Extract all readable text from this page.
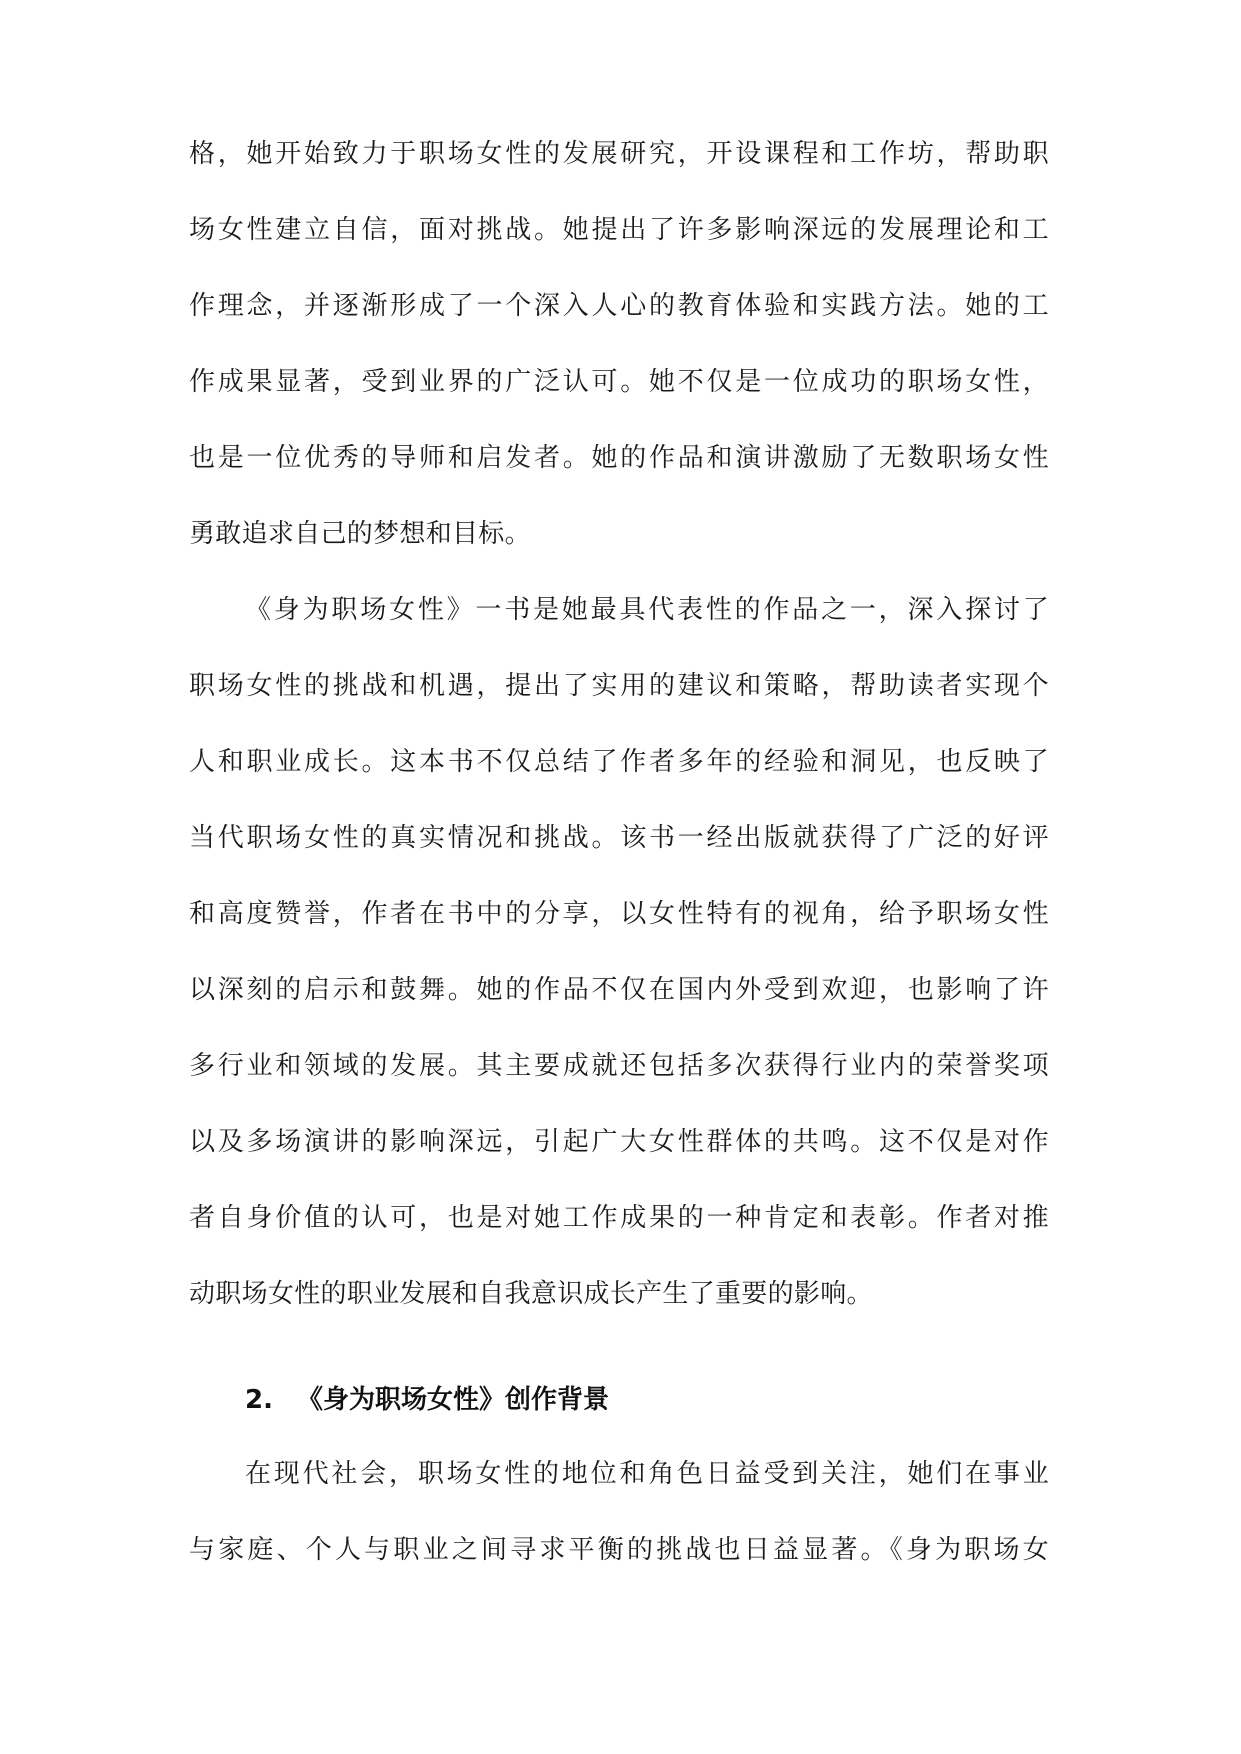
格，她开始致力于职场女性的发展研究，开设课程和工作坊，帮助职
场女性建立自信，面对挑战。她提出了许多影响深远的发展理论和工
作理念，并逐渐形成了一个深入人心的教育体验和实践方法。她的工
作成果显著，受到业界的广泛认可。她不仅是一位成功的职场女性，
也是一位优秀的导师和启发者。她的作品和演讲激励了无数职场女性
勇敢追求自己的梦想和目标。
《身为职场女性》一书是她最具代表性的作品之一，深入探讨了
职场女性的挑战和机遇，提出了实用的建议和策略，帮助读者实现个
人和职业成长。这本书不仅总结了作者多年的经验和洞见，也反映了
当代职场女性的真实情况和挑战。该书一经出版就获得了广泛的好评
和高度赞誉，作者在书中的分享，以女性特有的视角，给予职场女性
以深刻的启示和鼓舞。她的作品不仅在国内外受到欢迎，也影响了许
多行业和领域的发展。其主要成就还包括多次获得行业内的荣誉奖项
以及多场演讲的影响深远，引起广大女性群体的共鸣。这不仅是对作
者自身价值的认可，也是对她工作成果的一种肯定和表彰。作者对推
动职场女性的职业发展和自我意识成长产生了重要的影响。
2. 《身为职场女性》创作背景
在现代社会，职场女性的地位和角色日益受到关注，她们在事业
与家庭、个人与职业之间寻求平衡的挑战也日益显著。《身为职场女
